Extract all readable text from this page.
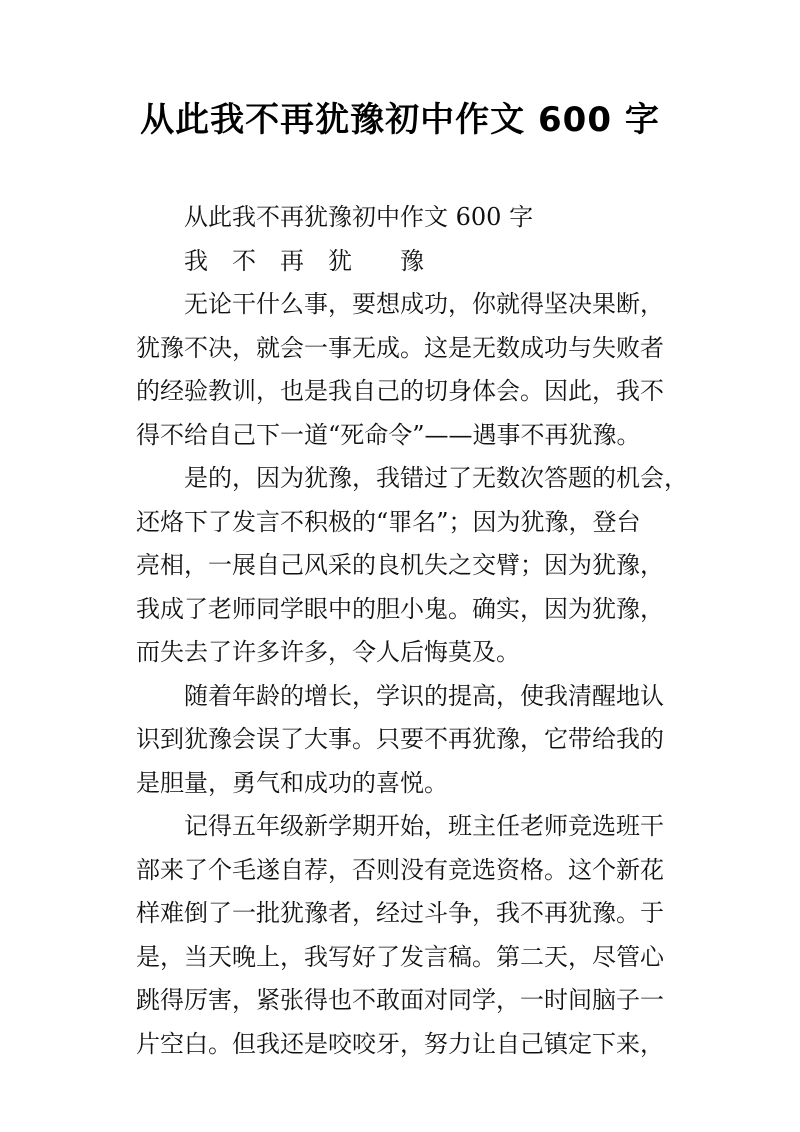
从此我不再犹豫初中作文 600 字
从此我不再犹豫初中作文 600 字
我　不　再　犹　　豫
无论干什么事，要想成功，你就得坚决果断，
犹豫不决，就会一事无成。这是无数成功与失败者
的经验教训，也是我自己的切身体会。因此，我不
得不给自己下一道“死命令”——遇事不再犹豫。
是的，因为犹豫，我错过了无数次答题的机会，
还烙下了发言不积极的“罪名”；因为犹豫，登台
亮相，一展自己风采的良机失之交臂；因为犹豫，
我成了老师同学眼中的胆小鬼。确实，因为犹豫，
而失去了许多许多，令人后悔莫及。
随着年龄的增长，学识的提高，使我清醒地认
识到犹豫会误了大事。只要不再犹豫，它带给我的
是胆量，勇气和成功的喜悦。
记得五年级新学期开始，班主任老师竞选班干
部来了个毛遂自荐，否则没有竞选资格。这个新花
样难倒了一批犹豫者，经过斗争，我不再犹豫。于
是，当天晚上，我写好了发言稿。第二天，尽管心
跳得厉害，紧张得也不敢面对同学，一时间脑子一
片空白。但我还是咬咬牙，努力让自己镇定下来，
